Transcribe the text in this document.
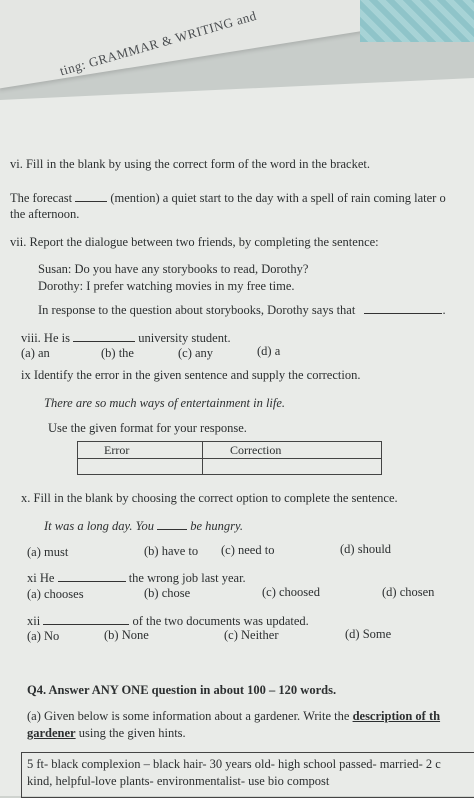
ting: GRAMMAR & WRITING and
vi. Fill in the blank by using the correct form of the word in the bracket.
The forecast	(mention) a quiet start to the day with a spell of rain coming later o
the afternoon.
vii. Report the dialogue between two friends, by completing the sentence:
Susan: Do you have any storybooks to read, Dorothy?
Dorothy: I prefer watching movies in my free time.
In response to the question about storybooks, Dorothy says that	.
viii. He is	university student.
(a) an	(b) the	(c) any	(d) a
ix Identify the error in the given sentence and supply the correction.
There are so much ways of entertainment in life.
Use the given format for your response.
Error	Correction
x. Fill in the blank by choosing the correct option to complete the sentence.
It was a long day. You	be hungry.
(a) must	(b) have to (c) need to	(d) should
xi He	the wrong job last year.
(a) chooses	(b) chose	(c) choosed	(d) chosen
xii	of the two documents was updated.
(a) No	(b) None	(c) Neither	(d) Some
Q4. Answer ANY ONE question in about 100 – 120 words.
(a) Given below is some information about a gardener. Write the description of th
gardener using the given hints.
5 ft- black complexion – black hair- 30 years old- high school passed- married- 2 c
kind, helpful-love plants- environmentalist- use bio compost
